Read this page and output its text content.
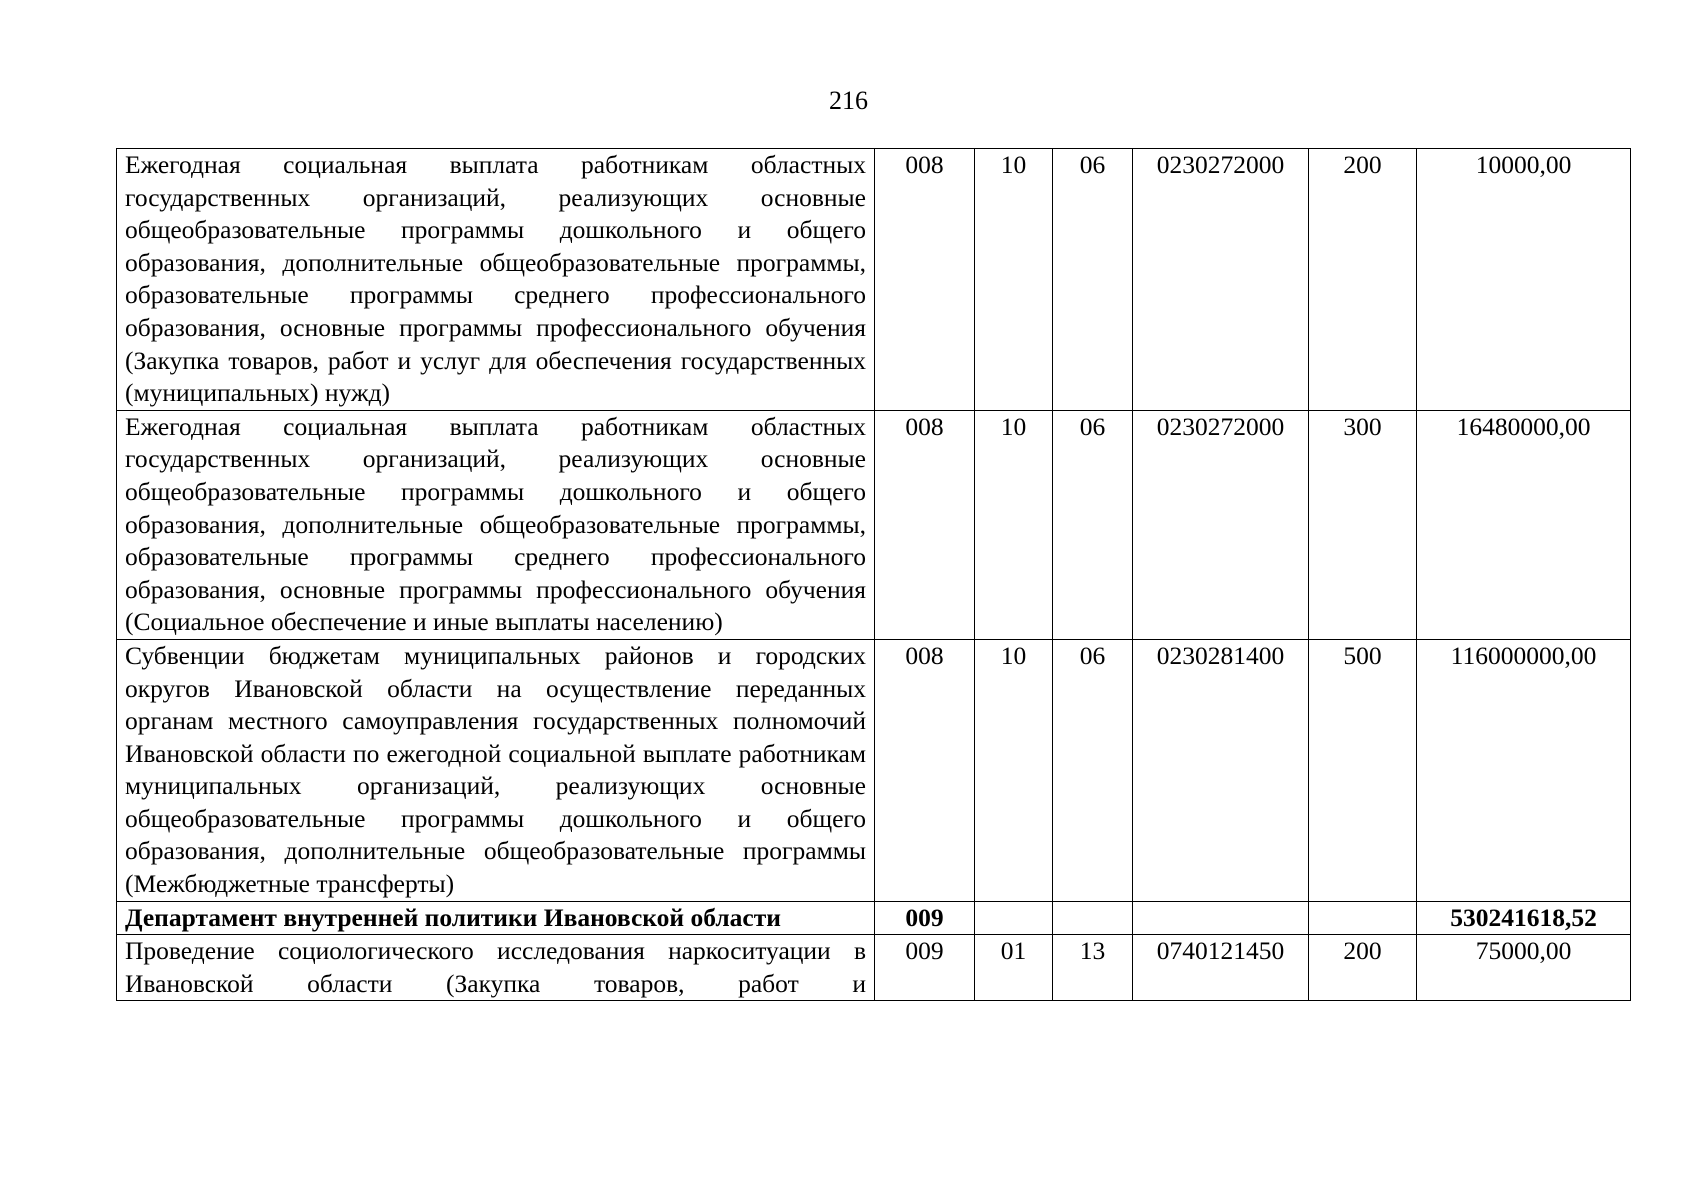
216
Ежегодная социальная выплата работникам областных государственных организаций, реализующих основные общеобразовательные программы дошкольного и общего образования, дополнительные общеобразовательные программы, образовательные программы среднего профессионального образования, основные программы профессионального обучения (Закупка товаров, работ и услуг для обеспечения государственных (муниципальных) нужд)	008	10	06	0230272000	200	10000,00
Ежегодная социальная выплата работникам областных государственных организаций, реализующих основные общеобразовательные программы дошкольного и общего образования, дополнительные общеобразовательные программы, образовательные программы среднего профессионального образования, основные программы профессионального обучения (Социальное обеспечение и иные выплаты населению)	008	10	06	0230272000	300	16480000,00
Субвенции бюджетам муниципальных районов и городских округов Ивановской области на осуществление переданных органам местного самоуправления государственных полномочий Ивановской области по ежегодной социальной выплате работникам муниципальных организаций, реализующих основные общеобразовательные программы дошкольного и общего образования, дополнительные общеобразовательные программы (Межбюджетные трансферты)	008	10	06	0230281400	500	116000000,00
Департамент внутренней политики Ивановской области	009					530241618,52
Проведение социологического исследования наркоситуации в Ивановской области (Закупка товаров, работ и	009	01	13	0740121450	200	75000,00
